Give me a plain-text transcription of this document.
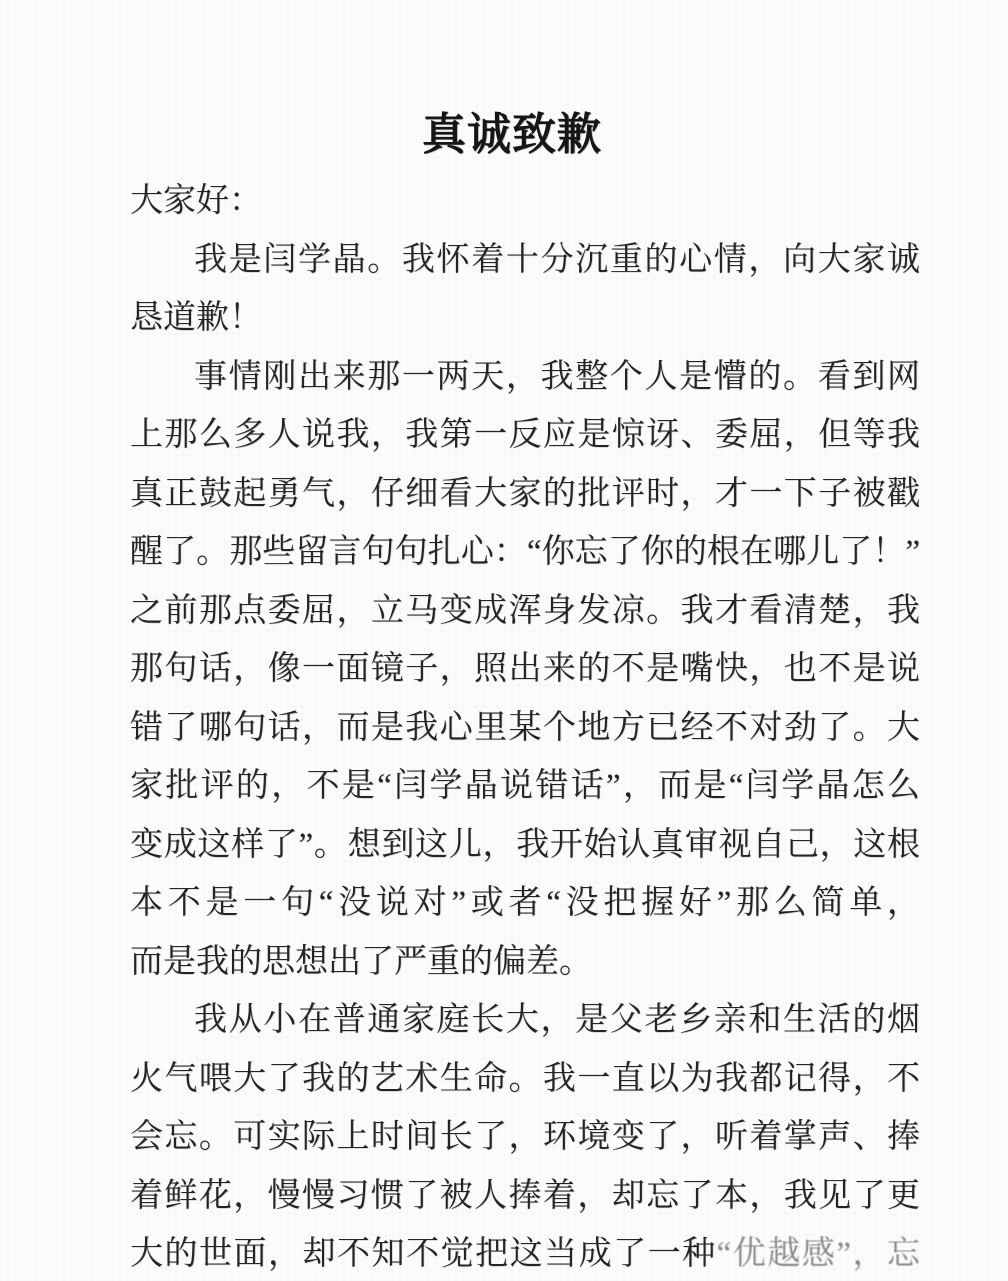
真诚致歉
大家好：
我是闫学晶。我怀着十分沉重的心情，向大家诚
恳道歉！
事情刚出来那一两天，我整个人是懵的。看到网
上那么多人说我，我第一反应是惊讶、委屈，但等我
真正鼓起勇气，仔细看大家的批评时，才一下子被戳
醒了。那些留言句句扎心：“你忘了你的根在哪儿了！”
之前那点委屈，立马变成浑身发凉。我才看清楚，我
那句话，像一面镜子，照出来的不是嘴快，也不是说
错了哪句话，而是我心里某个地方已经不对劲了。大
家批评的，不是“闫学晶说错话”，而是“闫学晶怎么
变成这样了”。想到这儿，我开始认真审视自己，这根
本不是一句“没说对”或者“没把握好”那么简单，
而是我的思想出了严重的偏差。
我从小在普通家庭长大，是父老乡亲和生活的烟
火气喂大了我的艺术生命。我一直以为我都记得，不
会忘。可实际上时间长了，环境变了，听着掌声、捧
着鲜花，慢慢习惯了被人捧着，却忘了本，我见了更
大的世面，却不知不觉把这当成了一种“优越感”，忘
